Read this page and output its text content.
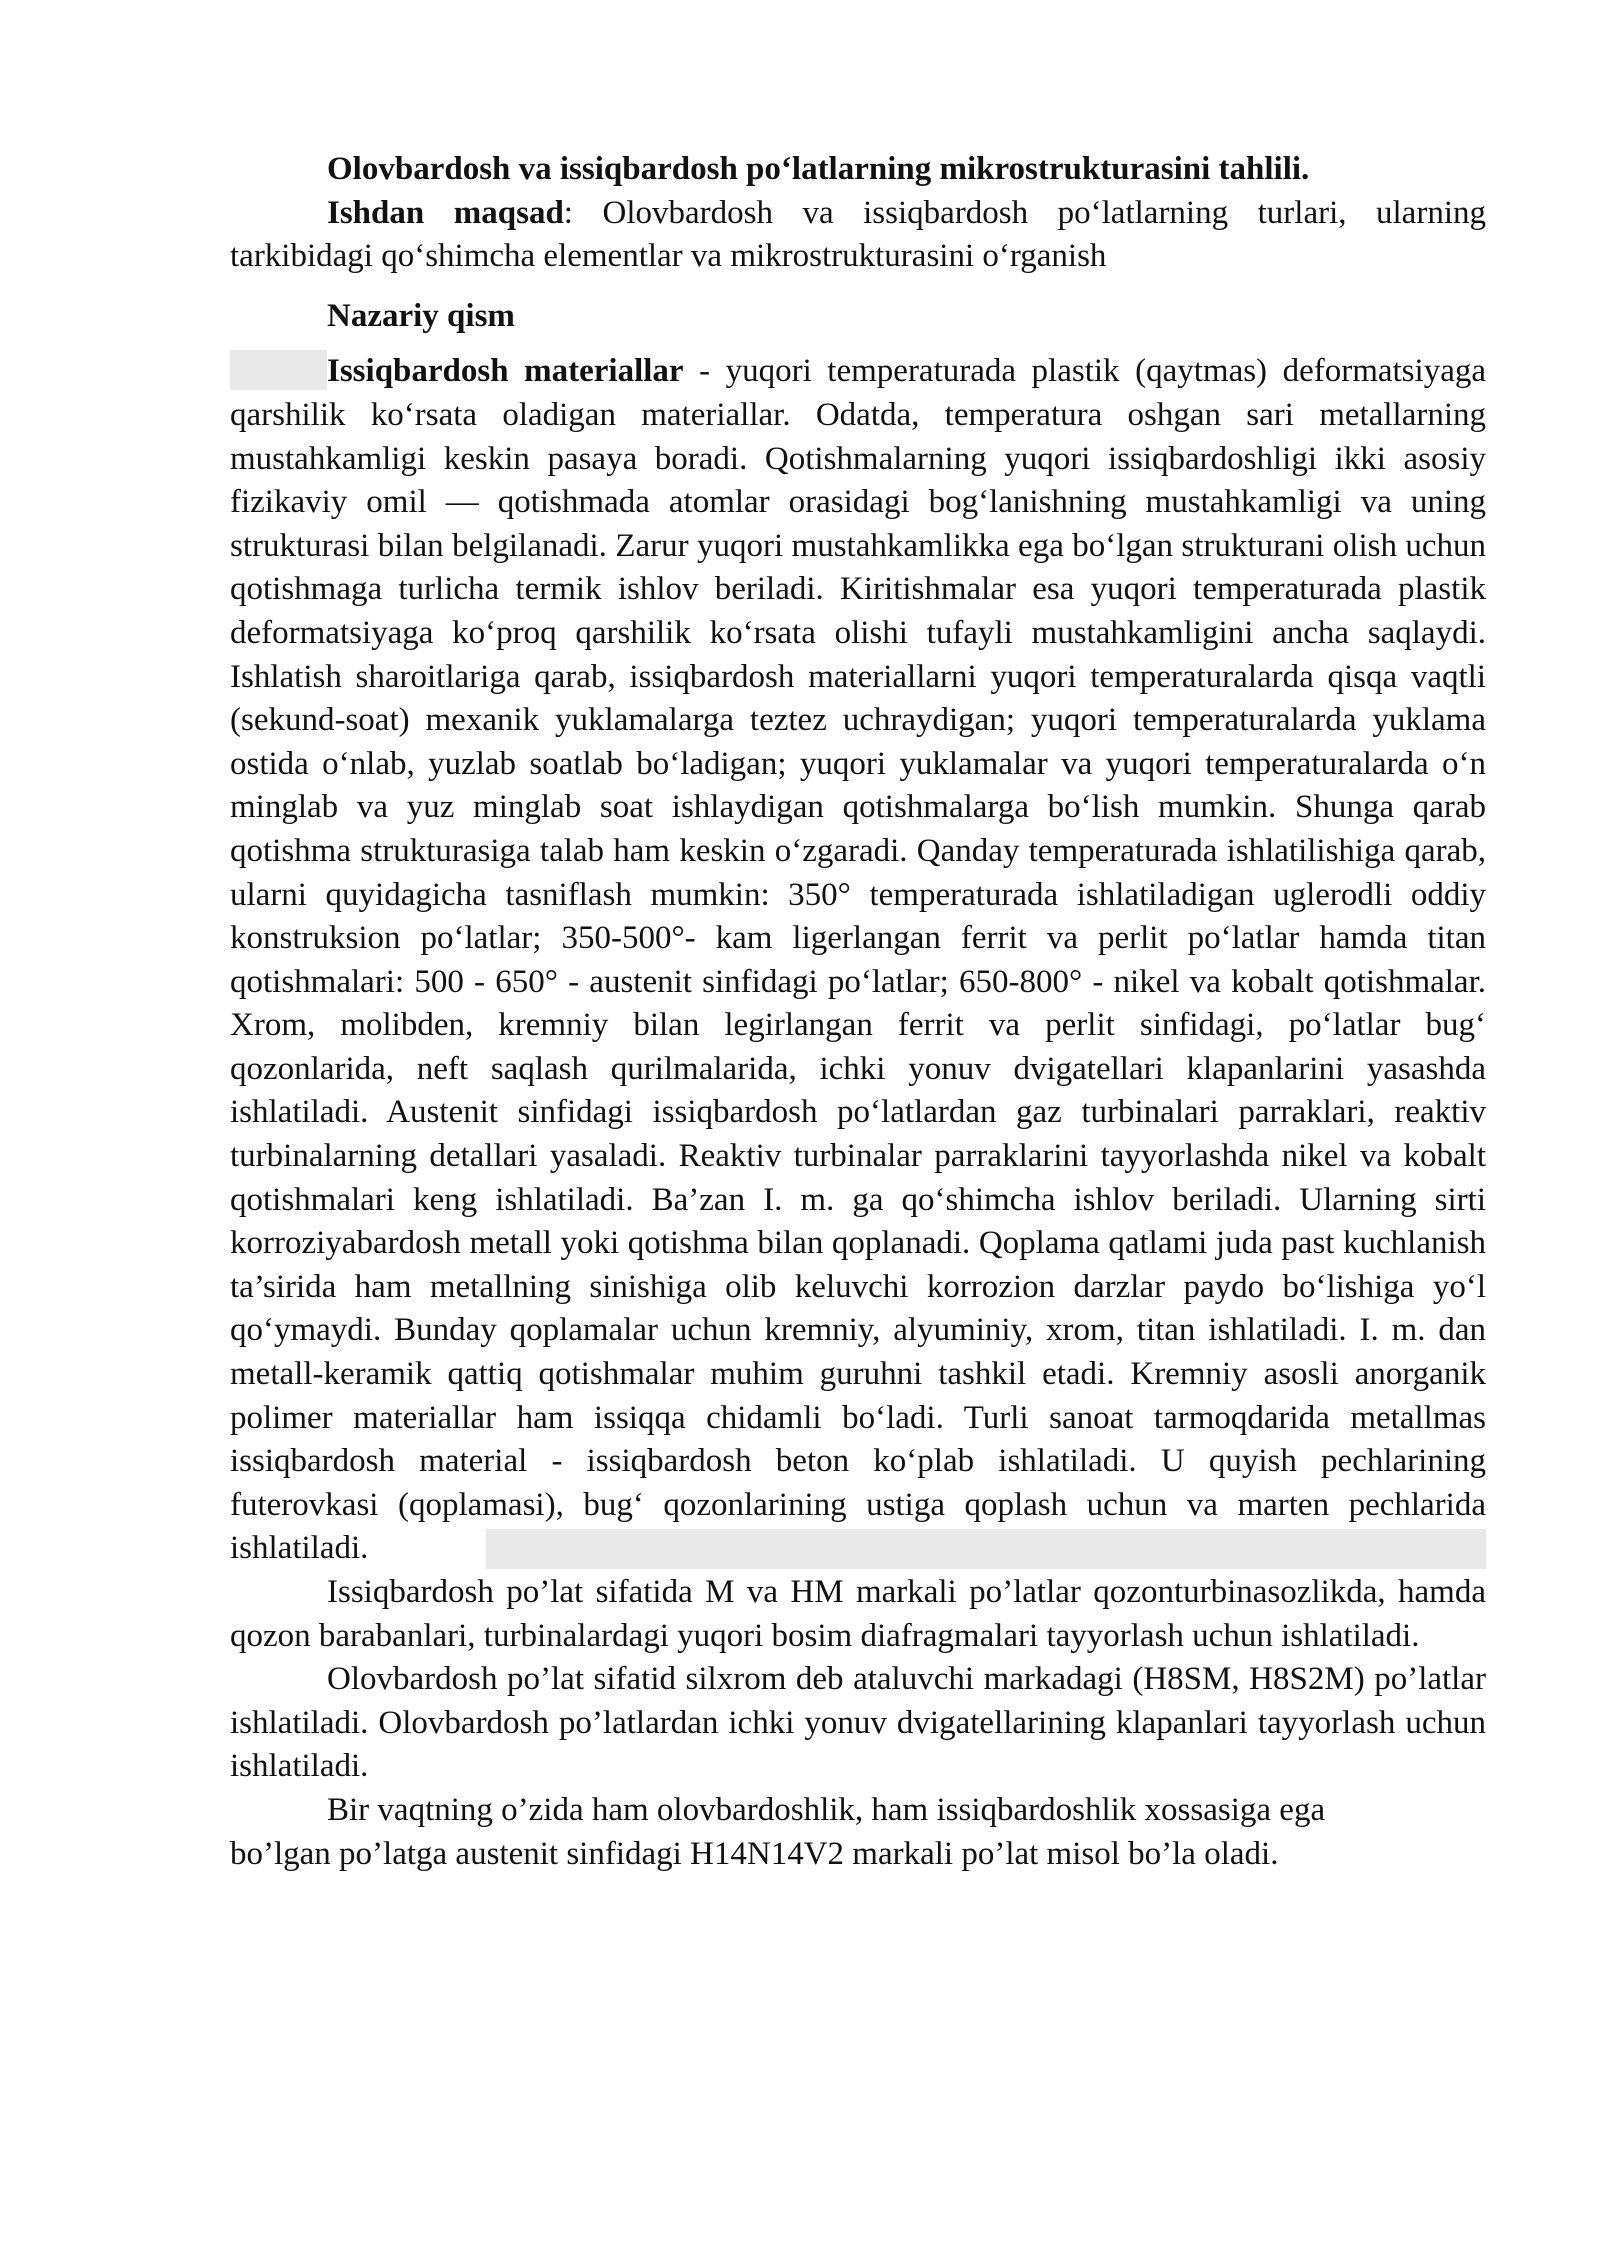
Olovbardosh va issiqbardosh po‘latlarning mikrostrukturasini tahlili.

Ishdan maqsad: Olovbardosh va issiqbardosh po‘latlarning turlari, ularning tarkibidagi qo‘shimcha elementlar va mikrostrukturasini o‘rganish

Nazariy qism

Issiqbardosh materiallar - yuqori temperaturada plastik (qaytmas) deformatsiyaga qarshilik ko‘rsata oladigan materiallar. Odatda, temperatura oshgan sari metallarning mustahkamligi keskin pasaya boradi. Qotishmalarning yuqori issiqbardoshligi ikki asosiy fizikaviy omil — qotishmada atomlar orasidagi bog‘lanishning mustahkamligi va uning strukturasi bilan belgilanadi. Zarur yuqori mustahkamlikka ega bo‘lgan strukturani olish uchun qotishmaga turlicha termik ishlov beriladi. Kiritishmalar esa yuqori temperaturada plastik deformatsiyaga ko‘proq qarshilik ko‘rsata olishi tufayli mustahkamligini ancha saqlaydi. Ishlatish sharoitlariga qarab, issiqbardosh materiallarni yuqori temperaturalarda qisqa vaqtli (sekund-soat) mexanik yuklamalarga teztez uchraydigan; yuqori temperaturalarda yuklama ostida o‘nlab, yuzlab soatlab bo‘ladigan; yuqori yuklamalar va yuqori temperaturalarda o‘n minglab va yuz minglab soat ishlaydigan qotishmalarga bo‘lish mumkin. Shunga qarab qotishma strukturasiga talab ham keskin o‘zgaradi. Qanday temperaturada ishlatilishiga qarab, ularni quyidagicha tasniflash mumkin: 350° temperaturada ishlatiladigan uglerodli oddiy konstruksion po‘latlar; 350-500°- kam ligerlangan ferrit va perlit po‘latlar hamda titan qotishmalari: 500 - 650° - austenit sinfidagi po‘latlar; 650-800° - nikel va kobalt qotishmalar. Xrom, molibden, kremniy bilan legirlangan ferrit va perlit sinfidagi, po‘latlar bug‘ qozonlarida, neft saqlash qurilmalarida, ichki yonuv dvigatellari klapanlarini yasashda ishlatiladi. Austenit sinfidagi issiqbardosh po‘latlardan gaz turbinalari parraklari, reaktiv turbinalarning detallari yasaladi. Reaktiv turbinalar parraklarini tayyorlashda nikel va kobalt qotishmalari keng ishlatiladi. Ba’zan I. m. ga qo‘shimcha ishlov beriladi. Ularning sirti korroziyabardosh metall yoki qotishma bilan qoplanadi. Qoplama qatlami juda past kuchlanish ta’sirida ham metallning sinishiga olib keluvchi korrozion darzlar paydo bo‘lishiga yo‘l qo‘ymaydi. Bunday qoplamalar uchun kremniy, alyuminiy, xrom, titan ishlatiladi. I. m. dan metall-keramik qattiq qotishmalar muhim guruhni tashkil etadi. Kremniy asosli anorganik polimer materiallar ham issiqqa chidamli bo‘ladi. Turli sanoat tarmoqdarida metallmas issiqbardosh material - issiqbardosh beton ko‘plab ishlatiladi. U quyish pechlarining futerovkasi (qoplamasi), bug‘ qozonlarining ustiga qoplash uchun va marten pechlarida ishlatiladi.

Issiqbardosh po’lat sifatida M va HM markali po’latlar qozonturbinasozlikda, hamda qozon barabanlari, turbinalardagi yuqori bosim diafragmalari tayyorlash uchun ishlatiladi.

Olovbardosh po’lat sifatid silxrom deb ataluvchi markadagi (H8SM, H8S2M) po’latlar ishlatiladi. Olovbardosh po’latlardan ichki yonuv dvigatellarining klapanlari tayyorlash uchun ishlatiladi.

Bir vaqtning o’zida ham olovbardoshlik, ham issiqbardoshlik xossasiga ega bo’lgan po’latga austenit sinfidagi H14N14V2 markali po’lat misol bo’la oladi.
